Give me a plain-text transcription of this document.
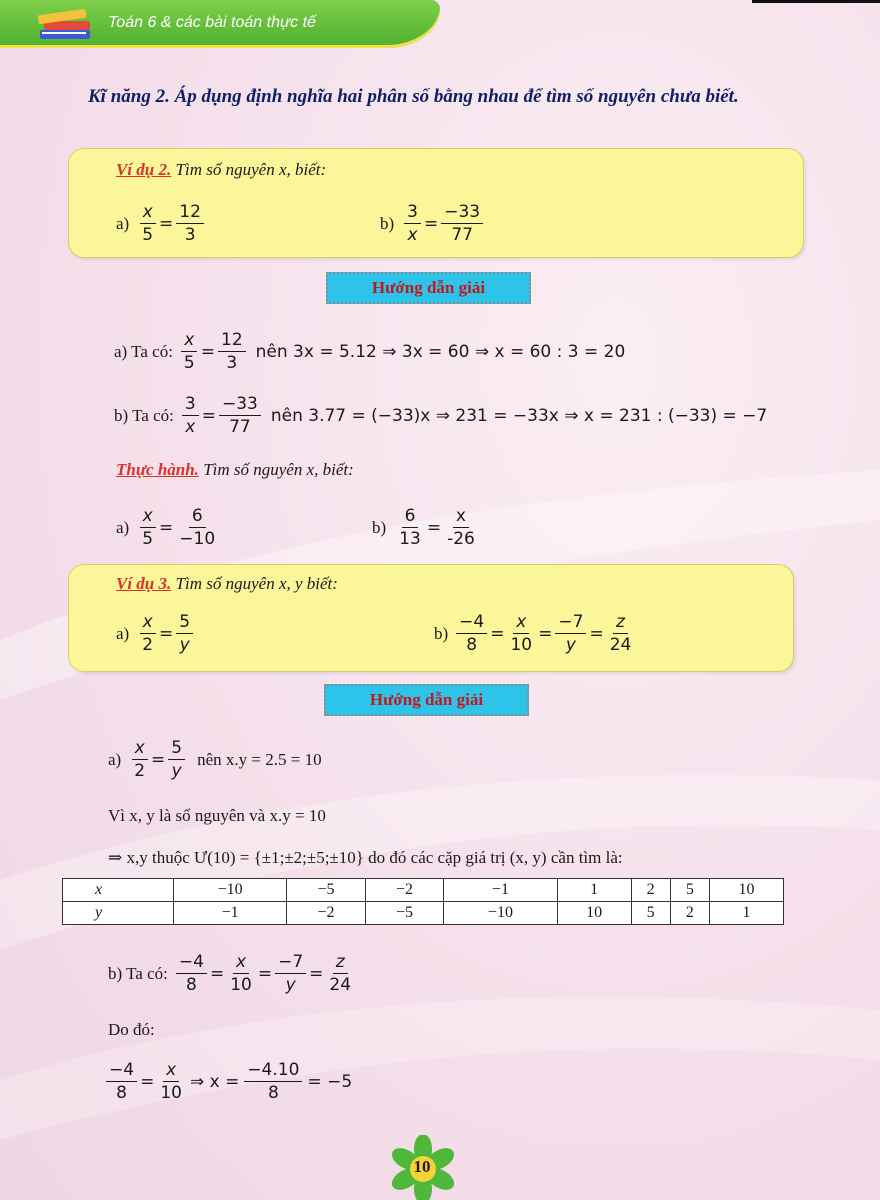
Toán 6 & các bài toán thực tế
Kĩ năng 2. Áp dụng định nghĩa hai phân số bằng nhau để tìm số nguyên chưa biết.
Ví dụ 2. Tìm số nguyên x, biết:
$a) \frac{x}{5} = \frac{12}{3}$	$b) \frac{3}{x} = \frac{-33}{77}$
Hướng dẫn giải
a) Ta có: $\frac{x}{5} = \frac{12}{3}$ nên 3x = 5.12 ⇒ 3x = 60 ⇒ x = 60 : 3 = 20
b) Ta có: $\frac{3}{x} = \frac{-33}{77}$ nên 3.77 = (−33)x ⇒ 231 = −33x ⇒ x = 231 : (−33) = −7
Thực hành. Tìm số nguyên x, biết:
$a) \frac{x}{5} = \frac{6}{-10}$	$b) \frac{6}{13} = \frac{x}{-26}$
Ví dụ 3. Tìm số nguyên x, y biết:
$a) \frac{x}{2} = \frac{5}{y}$	$b) \frac{-4}{8} = \frac{x}{10} = \frac{-7}{y} = \frac{z}{24}$
Hướng dẫn giải
$a) \frac{x}{2} = \frac{5}{y}$ nên x.y = 2.5 = 10
Vì x, y là số nguyên và x.y = 10
⇒ x,y thuộc Ư(10) = {±1;±2;±5;±10} do đó các cặp giá trị (x, y) cần tìm là:
x	−10	−5	−2	−1	1	2	5	10
y	−1	−2	−5	−10	10	5	2	1
b) Ta có: $\frac{-4}{8} = \frac{x}{10} = \frac{-7}{y} = \frac{z}{24}$
Do đó:
$\frac{-4}{8} = \frac{x}{10}$ ⇒ $x = \frac{-4.10}{8} = -5$
10
